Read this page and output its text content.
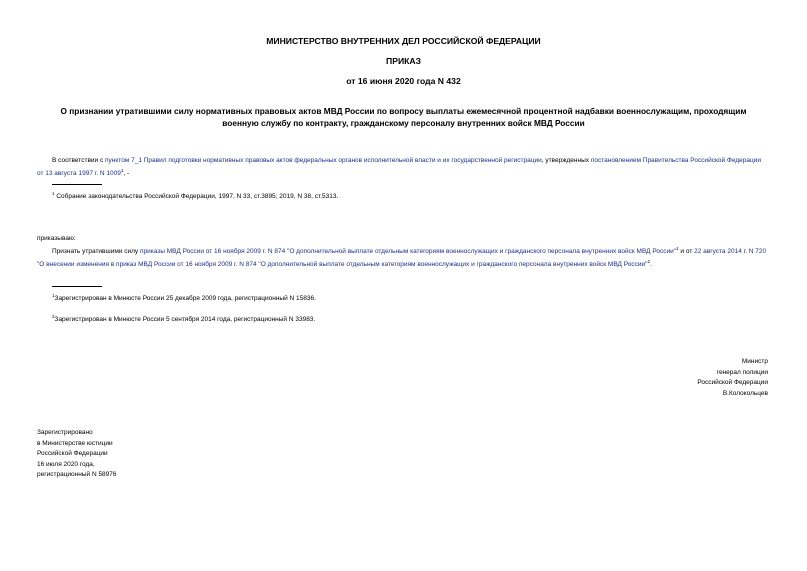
МИНИСТЕРСТВО ВНУТРЕННИХ ДЕЛ РОССИЙСКОЙ ФЕДЕРАЦИИ
ПРИКАЗ
от 16 июня 2020 года N 432
О признании утратившими силу нормативных правовых актов МВД России по вопросу выплаты ежемесячной процентной надбавки военнослужащим, проходящим
военную службу по контракту, гражданскому персоналу внутренних войск МВД России
В соответствии с пунктом 7_1 Правил подготовки нормативных правовых актов федеральных органов исполнительной власти и их государственной регистрации, утвержденных постановлением Правительства Российской Федерации от 13 августа 1997 г. N 1009$^1$, -
$^1$ Собрание законодательства Российской Федерации, 1997, N 33, ст.3895; 2019, N 38, ст.5313.
приказываю:
Признать утратившими силу приказы МВД России от 16 ноября 2009 г. N 874 "О дополнительной выплате отдельным категориям военнослужащих и гражданского персонала внутренних войск МВД России"$^1$ и от 22 августа 2014 г. N 720 "О внесении изменения в приказ МВД России от 16 ноября 2009 г. N 874 "О дополнительной выплате отдельным категориям военнослужащих и гражданского персонала внутренних войск МВД России"$^2$.
$^1$Зарегистрирован в Минюсте России 25 декабря 2009 года, регистрационный N 15836.
$^2$Зарегистрирован в Минюсте России 5 сентября 2014 года, регистрационный N 33983.
Министр
генерал полиции
Российской Федерации
В.Колокольцев
Зарегистрировано
в Министерстве юстиции
Российской Федерации
16 июля 2020 года,
регистрационный N 58976
